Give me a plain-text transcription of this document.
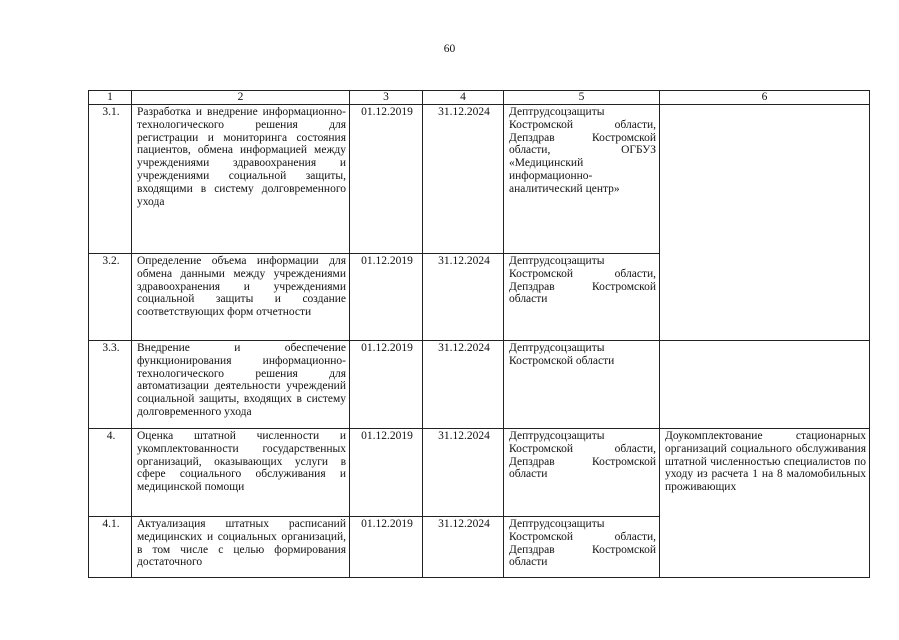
60
1	2	3	4	5	6
3.1.	Разработка и внедрение информационно-технологического решения для регистрации и мониторинга состояния пациентов, обмена информацией между учреждениями здравоохранения и учреждениями социальной защиты, входящими в систему долговременного ухода	01.12.2019	31.12.2024	Дептрудсоцзащиты Костромской области, Депздрав Костромской области, ОГБУЗ «Медицинский информационно-аналитический центр»	
3.2.	Определение объема информации для обмена данными между учреждениями здравоохранения и учреждениями социальной защиты и создание соответствующих форм отчетности	01.12.2019	31.12.2024	Дептрудсоцзащиты Костромской области, Депздрав Костромской области	
3.3.	Внедрение и обеспечение функционирования информационно-технологического решения для автоматизации деятельности учреждений социальной защиты, входящих в систему долговременного ухода	01.12.2019	31.12.2024	Дептрудсоцзащиты Костромской области	
4.	Оценка штатной численности и укомплектованности государственных организаций, оказывающих услуги в сфере социального обслуживания и медицинской помощи	01.12.2019	31.12.2024	Дептрудсоцзащиты Костромской области, Депздрав Костромской области	Доукомплектование стационарных организаций социального обслуживания штатной численностью специалистов по уходу из расчета 1 на 8 маломобильных проживающих
4.1.	Актуализация штатных расписаний медицинских и социальных организаций, в том числе с целью формирования достаточного	01.12.2019	31.12.2024	Дептрудсоцзащиты Костромской области, Депздрав Костромской области	
